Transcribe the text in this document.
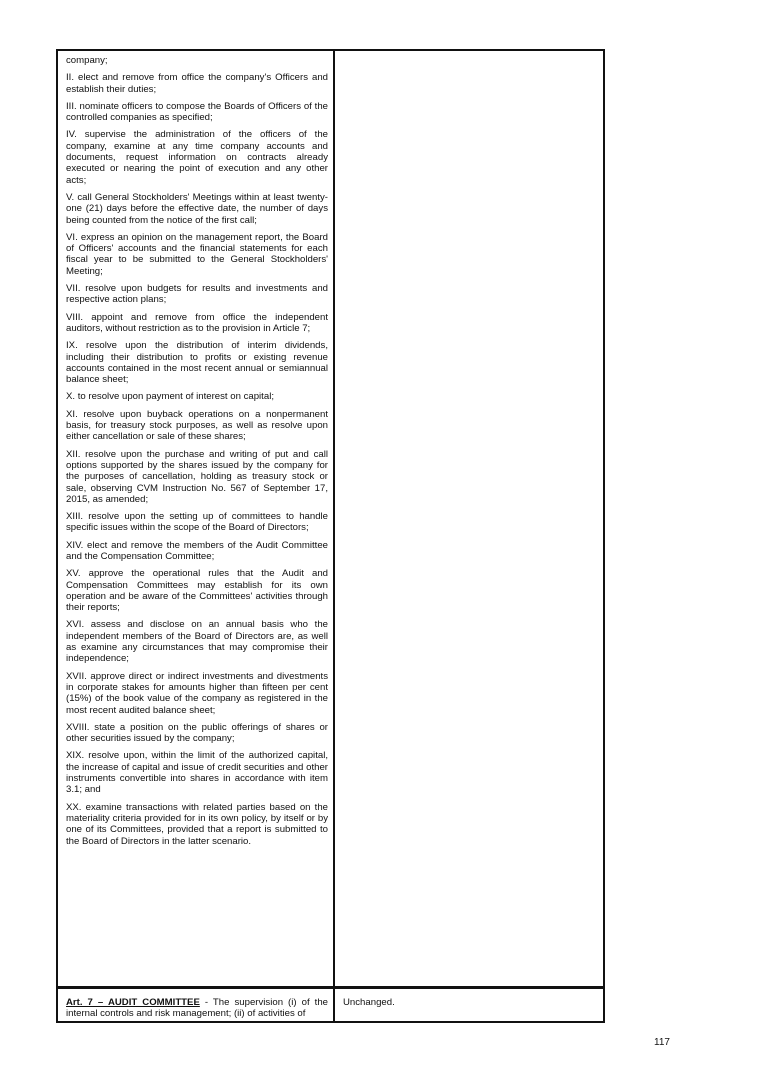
company;

II. elect and remove from office the company's Officers and establish their duties;

III. nominate officers to compose the Boards of Officers of the controlled companies as specified;

IV. supervise the administration of the officers of the company, examine at any time company accounts and documents, request information on contracts already executed or nearing the point of execution and any other acts;

V. call General Stockholders' Meetings within at least twenty-one (21) days before the effective date, the number of days being counted from the notice of the first call;

VI. express an opinion on the management report, the Board of Officers' accounts and the financial statements for each fiscal year to be submitted to the General Stockholders' Meeting;

VII. resolve upon budgets for results and investments and respective action plans;

VIII. appoint and remove from office the independent auditors, without restriction as to the provision in Article 7;

IX. resolve upon the distribution of interim dividends, including their distribution to profits or existing revenue accounts contained in the most recent annual or semiannual balance sheet;

X. to resolve upon payment of interest on capital;

XI. resolve upon buyback operations on a nonpermanent basis, for treasury stock purposes, as well as resolve upon either cancellation or sale of these shares;

XII. resolve upon the purchase and writing of put and call options supported by the shares issued by the company for the purposes of cancellation, holding as treasury stock or sale, observing CVM Instruction No. 567 of September 17, 2015, as amended;

XIII. resolve upon the setting up of committees to handle specific issues within the scope of the Board of Directors;

XIV. elect and remove the members of the Audit Committee and the Compensation Committee;

XV. approve the operational rules that the Audit and Compensation Committees may establish for its own operation and be aware of the Committees' activities through their reports;

XVI. assess and disclose on an annual basis who the independent members of the Board of Directors are, as well as examine any circumstances that may compromise their independence;

XVII. approve direct or indirect investments and divestments in corporate stakes for amounts higher than fifteen per cent (15%) of the book value of the company as registered in the most recent audited balance sheet;

XVIII. state a position on the public offerings of shares or other securities issued by the company;

XIX. resolve upon, within the limit of the authorized capital, the increase of capital and issue of credit securities and other instruments convertible into shares in accordance with item 3.1; and

XX. examine transactions with related parties based on the materiality criteria provided for in its own policy, by itself or by one of its Committees, provided that a report is submitted to the Board of Directors in the latter scenario.

Art. 7 – AUDIT COMMITTEE - The supervision (i) of the internal controls and risk management; (ii) of activities of
Unchanged.
117
